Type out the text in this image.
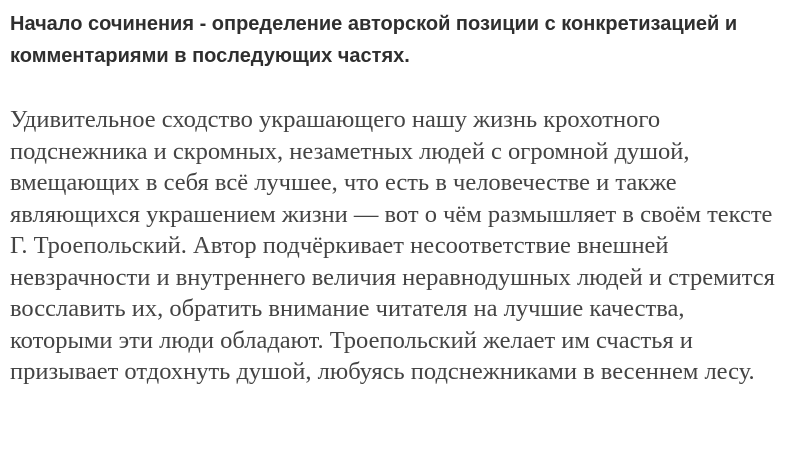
Начало сочинения - определение авторской позиции с конкретизацией и комментариями в последующих частях.

Удивительное сходство украшающего нашу жизнь крохотного подснежника и скромных, незаметных людей с огромной душой, вмещающих в себя всё лучшее, что есть в человечестве и также являющихся украшением жизни — вот о чём размышляет в своём тексте Г. Троепольский. Автор подчёркивает несоответствие внешней невзрачности и внутреннего величия неравнодушных людей и стремится восславить их, обратить внимание читателя на лучшие качества, которыми эти люди обладают. Троепольский желает им счастья и призывает отдохнуть душой, любуясь подснежниками в весеннем лесу.
